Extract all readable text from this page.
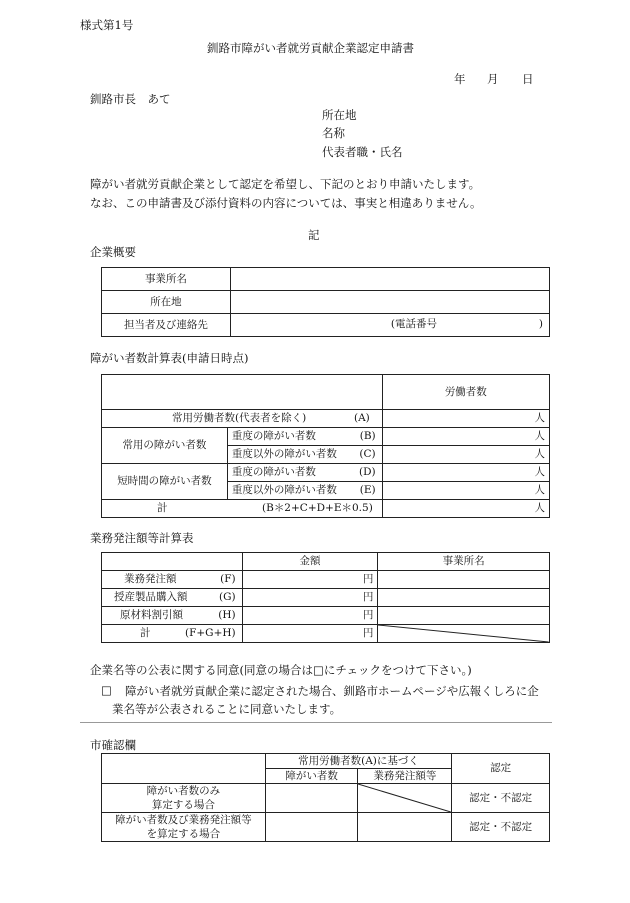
様式第1号
釧路市障がい者就労貢献企業認定申請書
年 月 日
釧路市長　あて
所在地
名称
代表者職・氏名
障がい者就労貢献企業として認定を希望し、下記のとおり申請いたします。
なお、この申請書及び添付資料の内容については、事実と相違ありません。
記
企業概要
事業所名	
所在地	
担当者及び連絡先	(電話番号 )
障がい者数計算表(申請日時点)
		労働者数

常用労働者数(代表者を除く) (A)		人
常用の障がい者数	重度の障がい者数 (B)	人
	重度以外の障がい者数 (C)	人
短時間の障がい者数	重度の障がい者数 (D)	人
	重度以外の障がい者数 (E)	人

計 (B＊2+C+D+E＊0.5)		人
業務発注額等計算表
	金額	事業所名

業務発注額 (F)	円	

授産製品購入額 (G)	円	

原材料割引額 (H)	円	

計 (F+G+H)	円	
企業名等の公表に関する同意(同意の場合は□にチェックをつけて下さい。)
□ 障がい者就労貢献企業に認定された場合、釧路市ホームページや広報くしろに企
業名等が公表されることに同意いたします。
市確認欄
	常用労働者数(A)に基づく		認定
	障がい者数	業務発注額等	

障がい者数のみ
算定する場合			認定・不認定

障がい者数及び業務発注額等
を算定する場合			認定・不認定
